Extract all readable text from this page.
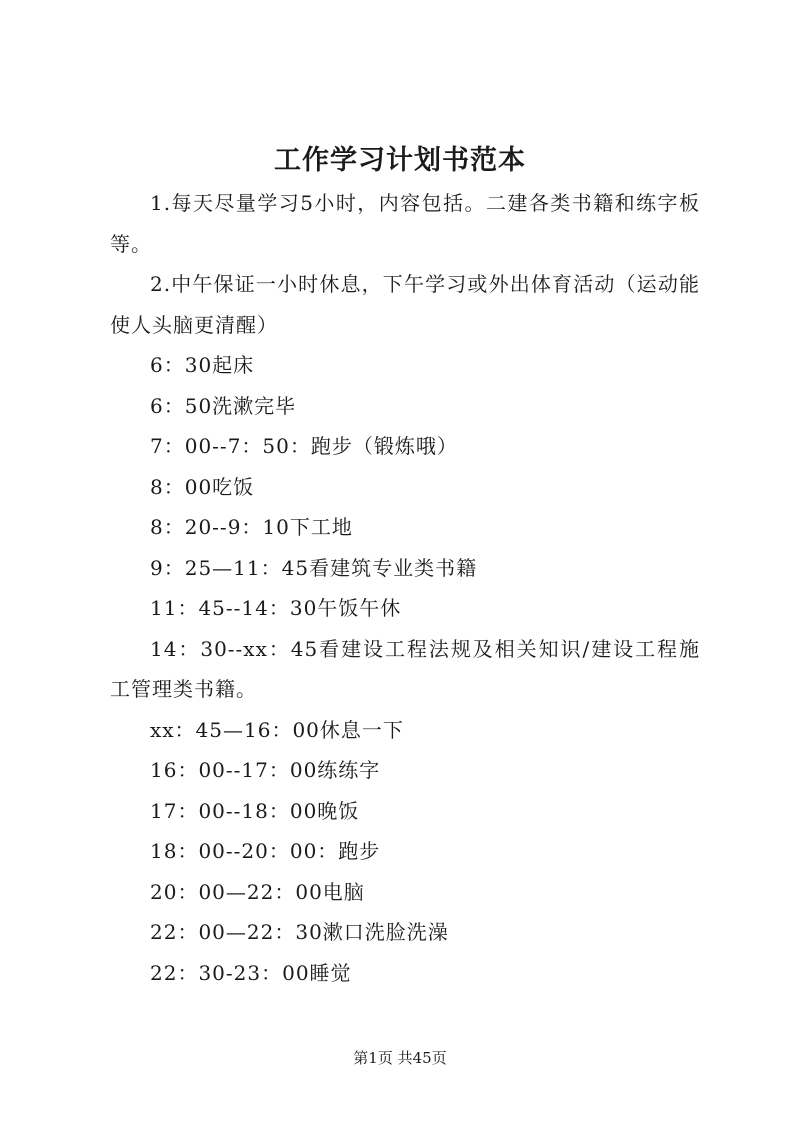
工作学习计划书范本

1.每天尽量学习5小时，内容包括。二建各类书籍和练字板等。

2.中午保证一小时休息，下午学习或外出体育活动（运动能使人头脑更清醒）

6：30起床

6：50洗漱完毕

7：00--7：50：跑步（锻炼哦）

8：00吃饭

8：20--9：10下工地

9：25—11：45看建筑专业类书籍

11：45--14：30午饭午休

14：30--xx：45看建设工程法规及相关知识/建设工程施工管理类书籍。

xx：45—16：00休息一下

16：00--17：00练练字

17：00--18：00晚饭

18：00--20：00：跑步

20：00—22：00电脑

22：00—22：30漱口洗脸洗澡

22：30-23：00睡觉

第1页 共45页
